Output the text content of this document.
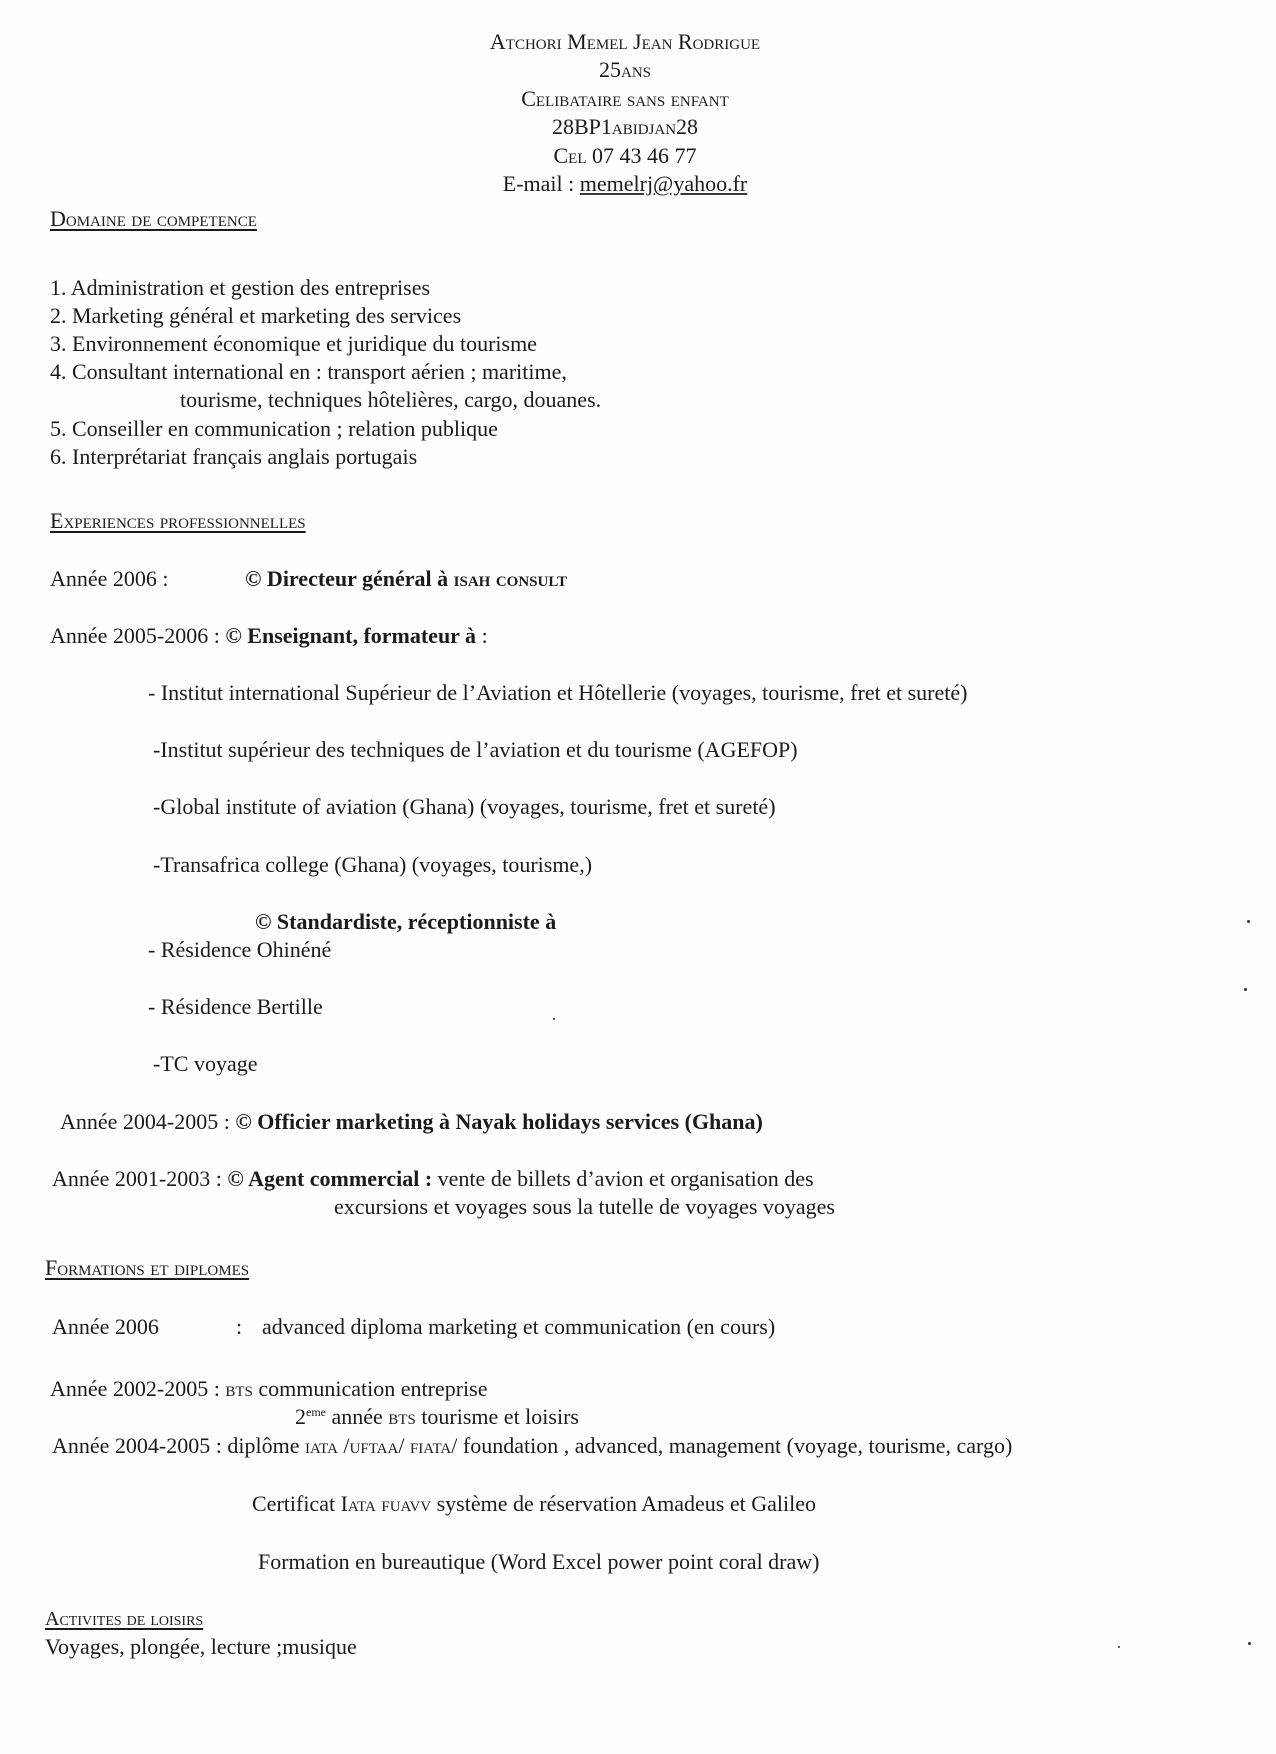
Atchori Memel Jean Rodrigue
25ans
Celibataire sans enfant
28BP1abidjan28
Cel 07 43 46 77
E-mail : memelrj@yahoo.fr
Domaine de competence
1. Administration et gestion des entreprises
2. Marketing général et marketing des services
3. Environnement économique et juridique du tourisme
4. Consultant international en : transport aérien ; maritime,
tourisme, techniques hôtelières, cargo, douanes.
5. Conseiller en communication ; relation publique
6. Interprétariat français anglais portugais
Experiences professionnelles
Année 2006 :	© Directeur général à isah consult
Année 2005-2006 : © Enseignant, formateur à :
- Institut international Supérieur de l’Aviation et Hôtellerie (voyages, tourisme, fret et sureté)
-Institut supérieur des techniques de l’aviation et du tourisme (AGEFOP)
-Global institute of aviation (Ghana) (voyages, tourisme, fret et sureté)
-Transafrica college (Ghana) (voyages, tourisme,)
© Standardiste, réceptionniste à
- Résidence Ohinéné
- Résidence Bertille
-TC voyage
Année 2004-2005 : © Officier marketing à Nayak holidays services (Ghana)
Année 2001-2003 : © Agent commercial : vente de billets d’avion et organisation des
excursions et voyages sous la tutelle de voyages voyages
Formations et diplomes
Année 2006	: advanced diploma marketing et communication (en cours)
Année 2002-2005 : bts communication entreprise
2eme année bts tourisme et loisirs
Année 2004-2005 : diplôme iata /uftaa/ fiata/ foundation , advanced, management (voyage, tourisme, cargo)
Certificat Iata fuavv système de réservation Amadeus et Galileo
Formation en bureautique (Word Excel power point coral draw)
Activites de loisirs
Voyages, plongée, lecture ;musique
